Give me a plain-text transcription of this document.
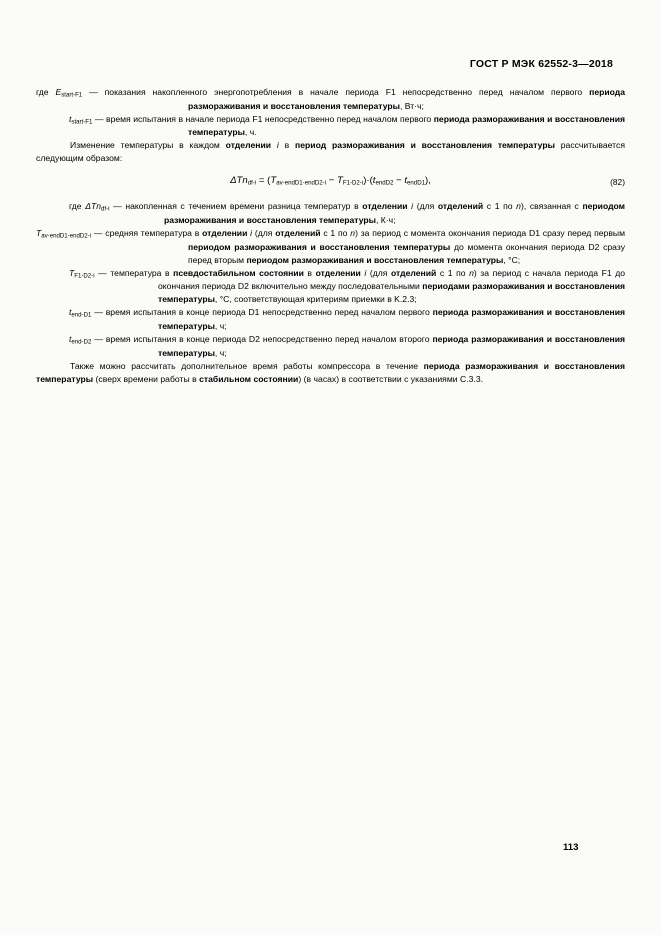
ГОСТ Р МЭК 62552-3—2018
где $E_{start-F1}$ — показания накопленного энергопотребления в начале периода F1 непосредственно перед началом первого периода размораживания и восстановления температуры, Вт·ч;
$t_{start-F1}$ — время испытания в начале периода F1 непосредственно перед началом первого периода размораживания и восстановления температуры, ч.

Изменение температуры в каждом отделении i в период размораживания и восстановления температуры рассчитывается следующим образом:

$\Delta Tn_{df-i} = (T_{av-endD1-endD2-i} - T_{F1-D2-i})\cdot(t_{endD2} - t_{endD1})$,	(82)
где ΔTn$_{df-i}$ — накопленная с течением времени разница температур в отделении i (для отделений с 1 по n), связанная с периодом размораживания и восстановления температуры, К·ч;
$T_{av-endD1-endD2-i}$ — средняя температура в отделении i (для отделений с 1 по n) за период с момента окончания периода D1 сразу перед первым периодом размораживания и восстановления температуры до момента окончания периода D2 сразу перед вторым периодом размораживания и восстановления температуры, °C;
$T_{F1-D2-i}$ — температура в псевдостабильном состоянии в отделении i (для отделений с 1 по n) за период с начала периода F1 до окончания периода D2 включительно между последовательными периодами размораживания и восстановления температуры, °C, соответствующая критериям приемки в K.2.3;
$t_{end-D1}$ — время испытания в конце периода D1 непосредственно перед началом первого периода размораживания и восстановления температуры, ч;
$t_{end-D2}$ — время испытания в конце периода D2 непосредственно перед началом второго периода размораживания и восстановления температуры, ч;

Также можно рассчитать дополнительное время работы компрессора в течение периода размораживания и восстановления температуры (сверх времени работы в стабильном состоянии) (в часах) в соответствии с указаниями С.3.3.

113
